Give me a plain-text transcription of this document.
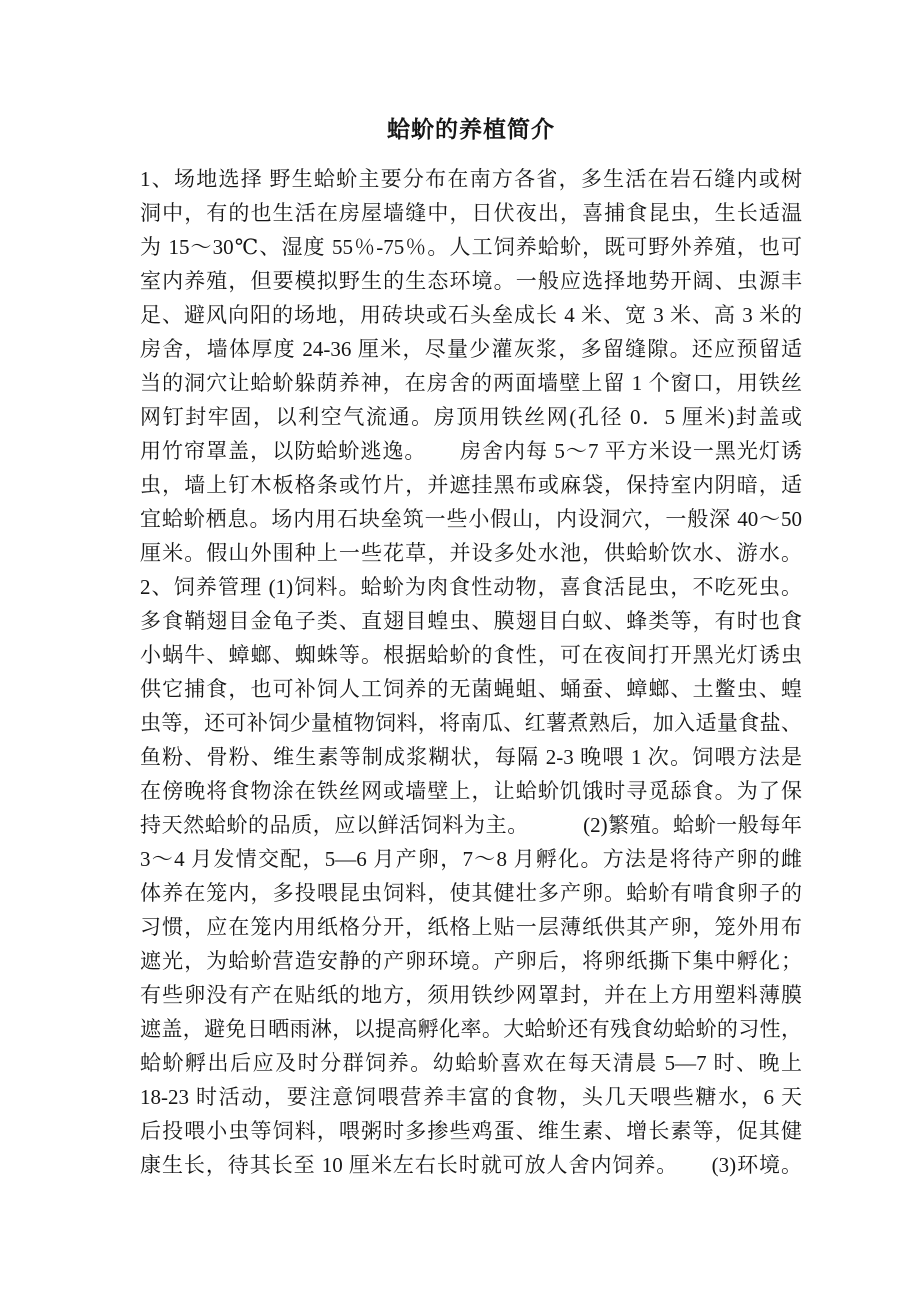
蛤蚧的养植简介
1、场地选择 野生蛤蚧主要分布在南方各省，多生活在岩石缝内或树
洞中，有的也生活在房屋墙缝中，日伏夜出，喜捕食昆虫，生长适温
为 15～30℃、湿度 55％-75％。人工饲养蛤蚧，既可野外养殖，也可
室内养殖，但要模拟野生的生态环境。一般应选择地势开阔、虫源丰
足、避风向阳的场地，用砖块或石头垒成长 4 米、宽 3 米、高 3 米的
房舍，墙体厚度 24-36 厘米，尽量少灌灰浆，多留缝隙。还应预留适
当的洞穴让蛤蚧躲荫养神，在房舍的两面墙壁上留 1 个窗口，用铁丝
网钉封牢固，以利空气流通。房顶用铁丝网(孔径 0．5 厘米)封盖或
用竹帘罩盖，以防蛤蚧逃逸。　　房舍内每 5～7 平方米设一黑光灯诱
虫，墙上钉木板格条或竹片，并遮挂黑布或麻袋，保持室内阴暗，适
宜蛤蚧栖息。场内用石块垒筑一些小假山，内设洞穴，一般深 40～50
厘米。假山外围种上一些花草，并设多处水池，供蛤蚧饮水、游水。
2、饲养管理 (1)饲料。蛤蚧为肉食性动物，喜食活昆虫，不吃死虫。
多食鞘翅目金龟子类、直翅目蝗虫、膜翅目白蚁、蜂类等，有时也食
小蜗牛、蟑螂、蜘蛛等。根据蛤蚧的食性，可在夜间打开黑光灯诱虫
供它捕食，也可补饲人工饲养的无菌蝇蛆、蛹蚕、蟑螂、土鳖虫、蝗
虫等，还可补饲少量植物饲料，将南瓜、红薯煮熟后，加入适量食盐、
鱼粉、骨粉、维生素等制成浆糊状，每隔 2-3 晚喂 1 次。饲喂方法是
在傍晚将食物涂在铁丝网或墙壁上，让蛤蚧饥饿时寻觅舔食。为了保
持天然蛤蚧的品质，应以鲜活饲料为主。　　　(2)繁殖。蛤蚧一般每年
3～4 月发情交配，5—6 月产卵，7～8 月孵化。方法是将待产卵的雌
体养在笼内，多投喂昆虫饲料，使其健壮多产卵。蛤蚧有啃食卵子的
习惯，应在笼内用纸格分开，纸格上贴一层薄纸供其产卵，笼外用布
遮光，为蛤蚧营造安静的产卵环境。产卵后，将卵纸撕下集中孵化；
有些卵没有产在贴纸的地方，须用铁纱网罩封，并在上方用塑料薄膜
遮盖，避免日晒雨淋，以提高孵化率。大蛤蚧还有残食幼蛤蚧的习性，
蛤蚧孵出后应及时分群饲养。幼蛤蚧喜欢在每天清晨 5—7 时、晚上
18-23 时活动，要注意饲喂营养丰富的食物，头几天喂些糖水，6 天
后投喂小虫等饲料，喂粥时多掺些鸡蛋、维生素、增长素等，促其健
康生长，待其长至 10 厘米左右长时就可放人舍内饲养。　　(3)环境。
